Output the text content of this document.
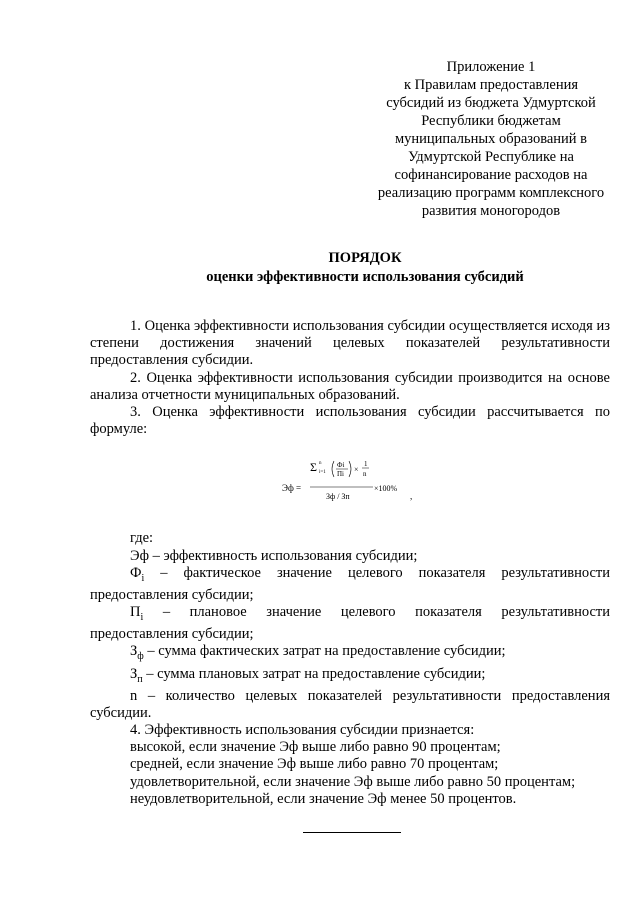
Приложение 1
к Правилам предоставления
субсидий из бюджета Удмуртской
Республики бюджетам
муниципальных образований в
Удмуртской Республике на
софинансирование расходов на
реализацию программ комплексного
развития моногородов
ПОРЯДОК
оценки эффективности использования субсидий

1. Оценка эффективности использования субсидии осуществляется исходя из степени достижения значений целевых показателей результативности предоставления субсидии.

2. Оценка эффективности использования субсидии производится на основе анализа отчетности муниципальных образований.

3. Оценка эффективности использования субсидии рассчитывается по формуле:

где:

Эф – эффективность использования субсидии;

$Ф_i$ – фактическое значение целевого показателя результативности предоставления субсидии;

$П_i$ – плановое значение целевого показателя результативности предоставления субсидии;

$З_ф$ – сумма фактических затрат на предоставление субсидии;

$З_п$ – сумма плановых затрат на предоставление субсидии;

n – количество целевых показателей результативности предоставления субсидии.

4. Эффективность использования субсидии признается:

высокой, если значение Эф выше либо равно 90 процентам;

средней, если значение Эф выше либо равно 70 процентам;

удовлетворительной, если значение Эф выше либо равно 50 процентам;

неудовлетворительной, если значение Эф менее 50 процентов.

Эф =
Σ n
i=1
Фi
Пi ×
1
n
Зф / Зп
×100%
,
